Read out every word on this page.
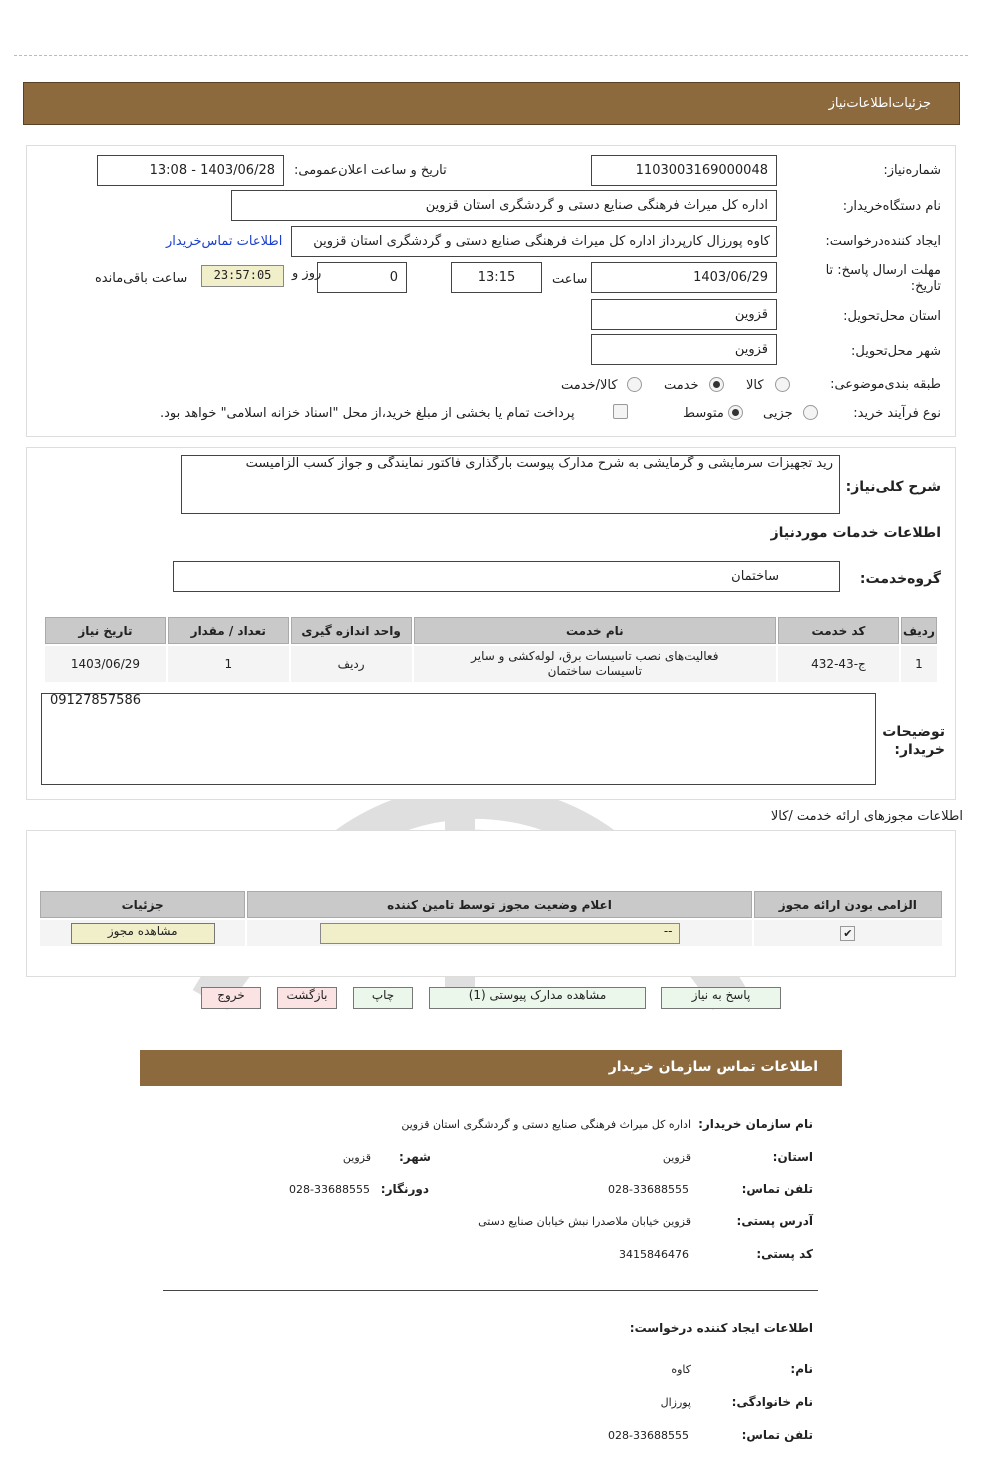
جزئیات‌اطلاعات‌نیاز
شماره‌نیاز:
1103003169000048
تاریخ و ساعت اعلان‌عمومی:
1403/06/28 - 13:08
نام دستگاه‌خریدار:
اداره کل میراث فرهنگی صنایع دستی و گردشگری استان قزوین
ایجاد کننده‌درخواست:
کاوه پورزال کارپرداز اداره کل میراث فرهنگی صنایع دستی و گردشگری استان قزوین
اطلاعات تماس‌خریدار
مهلت ارسال پاسخ: تا تاریخ:
1403/06/29
ساعت
13:15
0
روز و
23:57:05
ساعت باقی‌مانده
استان محل‌تحویل:
قزوین
شهر محل‌تحویل:
قزوین
طبقه بندی‌موضوعی:
کالا
خدمت
کالا/خدمت
نوع فرآیند خرید:
جزیی
متوسط
پرداخت تمام یا بخشی از مبلغ خرید،از محل "اسناد خزانه اسلامی" خواهد بود.
شرح کلی‌نیاز:
رید تجهیزات سرمایشی و گرمایشی به شرح مدارک پیوست بارگذاری فاکتور نمایندگی و جواز کسب الزامیست
اطلاعات خدمات مورد‌نیاز
گروه‌خدمت:
ساختمان
ردیف	کد خدمت	نام خدمت	واحد اندازه گیری	تعداد / مقدار	تاریخ نیاز
1	ج-43-432	فعالیت‌های نصب تاسیسات برق، لوله‌کشی و سایر تاسیسات ساختمان	ردیف	1	1403/06/29
09127857586
توضیحات خریدار:
اطلاعات مجوزهای ارائه خدمت /کالا
الزامی بودن ارائه مجوز	اعلام وضعیت مجوز توسط تامین کننده	جزئیات
✔	--	مشاهده مجوز
پاسخ به نیاز
مشاهده مدارک پیوستی (1)
چاپ
بازگشت
خروج
اطلاعات تماس سازمان خریدار
نام سازمان خریدار:
اداره کل میراث فرهنگی صنایع دستی و گردشگری استان قزوین
استان:
قزوین
شهر:
قزوین
تلفن تماس:
028-33688555
دورنگار:
028-33688555
آدرس پستی:
قزوین خیابان ملاصدرا نبش خیابان صنایع دستی
کد پستی:
3415846476
اطلاعات ایجاد کننده درخواست:
نام:
کاوه
نام خانوادگی:
پورزال
تلفن تماس:
028-33688555
